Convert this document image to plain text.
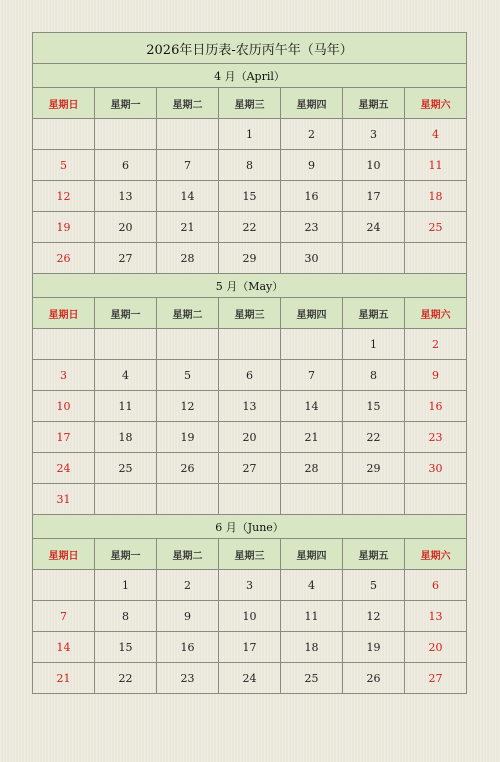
2026年日历表-农历丙午年（马年）						
4 月（April）						
星期日	星期一	星期二	星期三	星期四	星期五	星期六
			1	2	3	4
5	6	7	8	9	10	11
12	13	14	15	16	17	18
19	20	21	22	23	24	25
26	27	28	29	30		
5 月（May）						
星期日	星期一	星期二	星期三	星期四	星期五	星期六
					1	2
3	4	5	6	7	8	9
10	11	12	13	14	15	16
17	18	19	20	21	22	23
24	25	26	27	28	29	30
31						
6 月（June）						
星期日	星期一	星期二	星期三	星期四	星期五	星期六
	1	2	3	4	5	6
7	8	9	10	11	12	13
14	15	16	17	18	19	20
21	22	23	24	25	26	27
